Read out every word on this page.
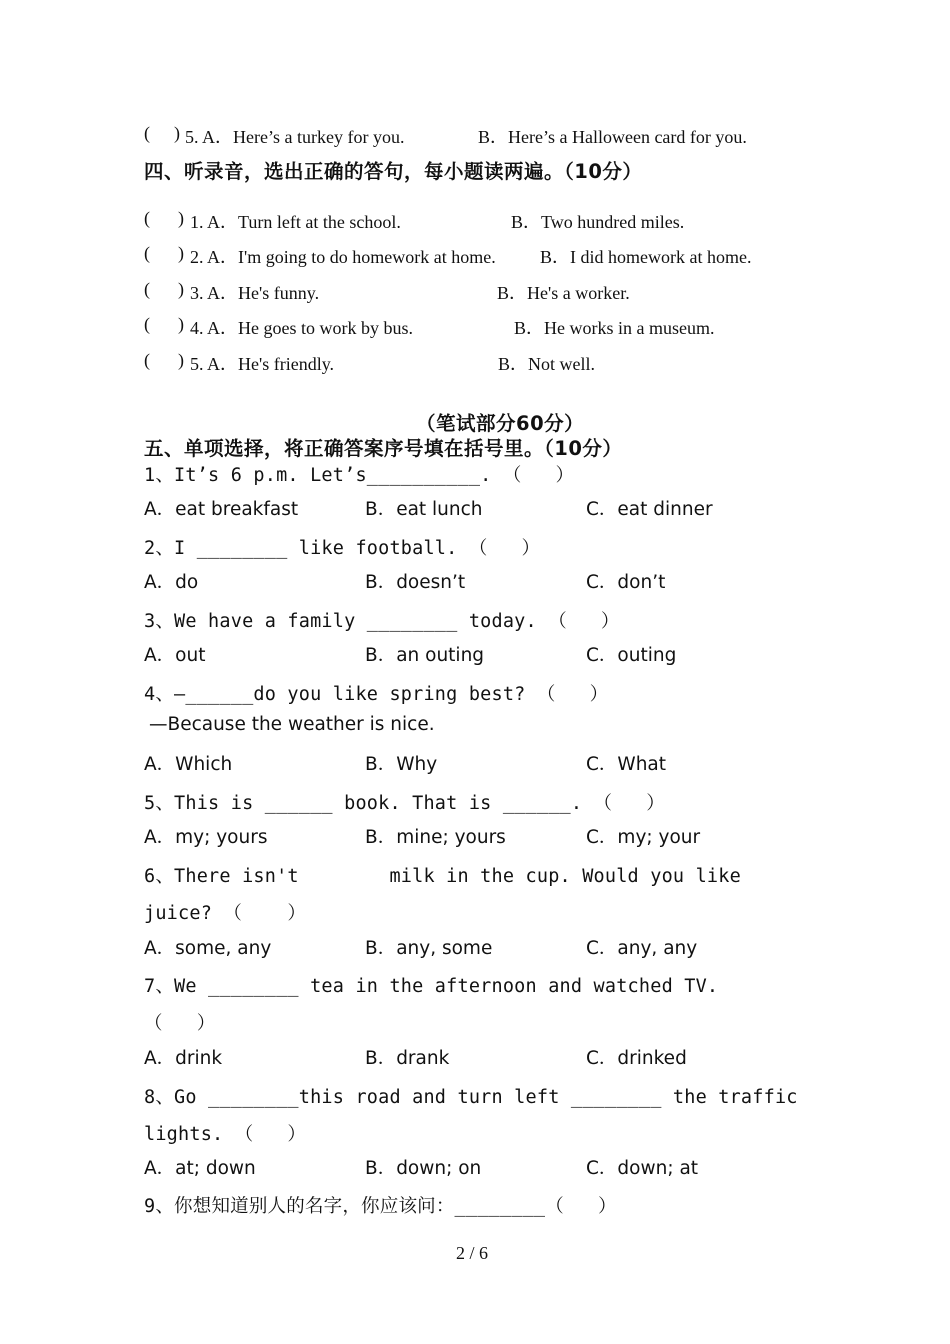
( ) 5. A．Here’s a turkey for you.	B．Here’s a Halloween card for you.
四、听录音，选出正确的答句，每小题读两遍。（10分）
( ) 1. A．Turn left at the school.	B．Two hundred miles.
( ) 2. A．I'm going to do homework at home. B．I did homework at home.
( ) 3. A．He's funny.	B．He's a worker.
( ) 4. A．He goes to work by bus.	B．He works in a museum.
( ) 5. A．He's friendly.	B．Not well.
（笔试部分60分）
五、单项选择，将正确答案序号填在括号里。（10分）
1、It’s 6 p.m. Let’s__________. （   ）
A．eat breakfast	B．eat lunch	C．eat dinner
2、I ________ like football. （   ）
A．do	B．doesn’t	C．don’t
3、We have a family ________ today. （   ）
A．out	B．an outing	C．outing
4、—______do you like spring best? （   ）
—Because the weather is nice.
A．Which	B．Why	C．What
5、This is ______ book. That is ______. （   ）
A．my; yours	B．mine; yours	C．my; your
6、There isn't        milk in the cup. Would you like
juice? （    ）
A．some, any	B．any, some	C．any, any
7、We ________ tea in the afternoon and watched TV.
（   ）
A．drink	B．drank	C．drinked
8、Go ________this road and turn left ________ the traffic
lights. （   ）
A．at; down	B．down; on	C．down; at
9、你想知道别人的名字，你应该问：________（   ）
2 / 6
